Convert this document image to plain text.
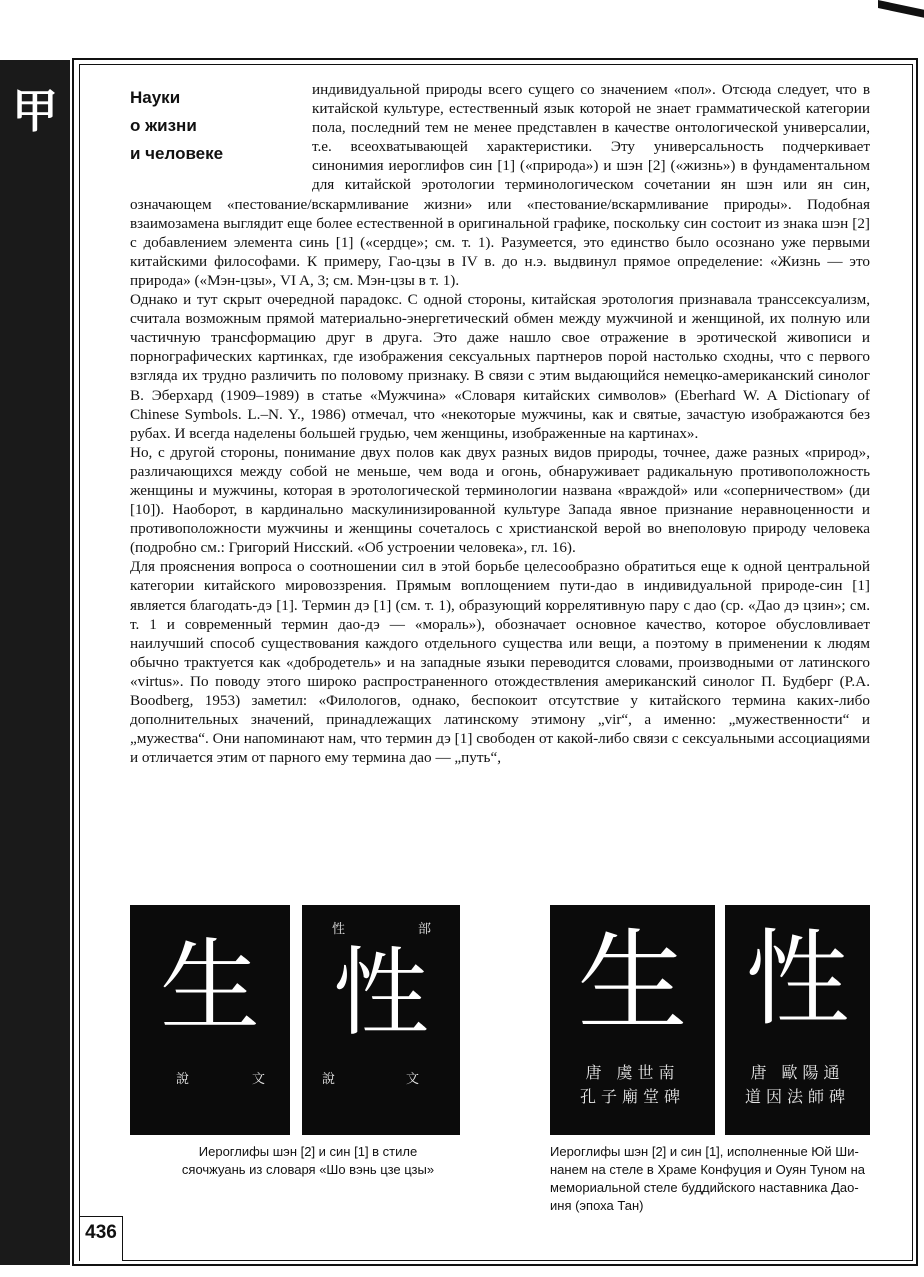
甲	Науки
о жизни
и человеке

индивидуальной природы всего сущего со значением «пол». Отсюда следует, что в китайской культуре, естественный язык которой не знает грамматической категории пола, последний тем не менее представлен в качестве онтологической универсалии, т.е. всеохватывающей характеристики. Эту универсальность подчеркивает синонимия иероглифов син [1] («природа») и шэн [2] («жизнь») в фундаментальном для китайской эротологии терминологическом сочетании ян шэн или ян син, означающем «пестование/вскармливание жизни» или «пестование/вскармливание природы». Подобная взаимозамена выглядит еще более естественной в оригинальной графике, поскольку син состоит из знака шэн [2] с добавлением элемента синь [1] («сердце»; см. т. 1). Разумеется, это единство было осознано уже первыми китайскими философами. К примеру, Гао-цзы в IV в. до н.э. выдвинул прямое определение: «Жизнь — это природа» («Мэн-цзы», VI A, 3; см. Мэн-цзы в т. 1).

Однако и тут скрыт очередной парадокс. С одной стороны, китайская эротология признавала транссексуализм, считала возможным прямой материально-энергетический обмен между мужчиной и женщиной, их полную или частичную трансформацию друг в друга. Это даже нашло свое отражение в эротической живописи и порнографических картинках, где изображения сексуальных партнеров порой настолько сходны, что с первого взгляда их трудно различить по половому признаку. В связи с этим выдающийся немецко-американский синолог В. Эберхард (1909–1989) в статье «Мужчина» «Словаря китайских символов» (Eberhard W. A Dictionary of Chinese Symbols. L.–N. Y., 1986) отмечал, что «некоторые мужчины, как и святые, зачастую изображаются без рубах. И всегда наделены большей грудью, чем женщины, изображенные на картинах».

Но, с другой стороны, понимание двух полов как двух разных видов природы, точнее, даже разных «природ», различающихся между собой не меньше, чем вода и огонь, обнаруживает радикальную противоположность женщины и мужчины, которая в эротологической терминологии названа «враждой» или «соперничеством» (ди [10]). Наоборот, в кардинально маскулинизированной культуре Запада явное признание неравноценности и противоположности мужчины и женщины сочеталось с христианской верой во внеполовую природу человека (подробно см.: Григорий Нисский. «Об устроении человека», гл. 16).

Для прояснения вопроса о соотношении сил в этой борьбе целесообразно обратиться еще к одной центральной категории китайского мировоззрения. Прямым воплощением пути-дао в индивидуальной природе-син [1] является благодать-дэ [1]. Термин дэ [1] (см. т. 1), образующий коррелятивную пару с дао (ср. «Дао дэ цзин»; см. т. 1 и современный термин дао-дэ — «мораль»), обозначает основное качество, которое обусловливает наилучший способ существования каждого отдельного существа или вещи, а поэтому в применении к людям обычно трактуется как «добродетель» и на западные языки переводится словами, производными от латинского «virtus». По поводу этого широко распространенного отождествления американский синолог П. Будберг (P.A. Boodberg, 1953) заметил: «Филологов, однако, беспокоит отсутствие у китайского термина каких-либо дополнительных значений, принадлежащих латинскому этимону „vir“, а именно: „мужественности“ и „мужества“. Они напоминают нам, что термин дэ [1] свободен от какой-либо связи с сексуальными ассоциациями и отличается этим от парного ему термина дао — „путь“,

生
說	文
性	部
性
說	文

Иероглифы шэн [2] и син [1] в стиле сяочжуань из словаря «Шо вэнь цзе цзы»

生
唐 虞世南
孔子廟堂碑
性
唐 歐陽通
道因法師碑

Иероглифы шэн [2] и син [1], исполненные Юй Ши-нанем на стеле в Храме Конфуция и Оуян Туном на мемориальной стеле буддийского наставника Дао-иня (эпоха Тан)

436
